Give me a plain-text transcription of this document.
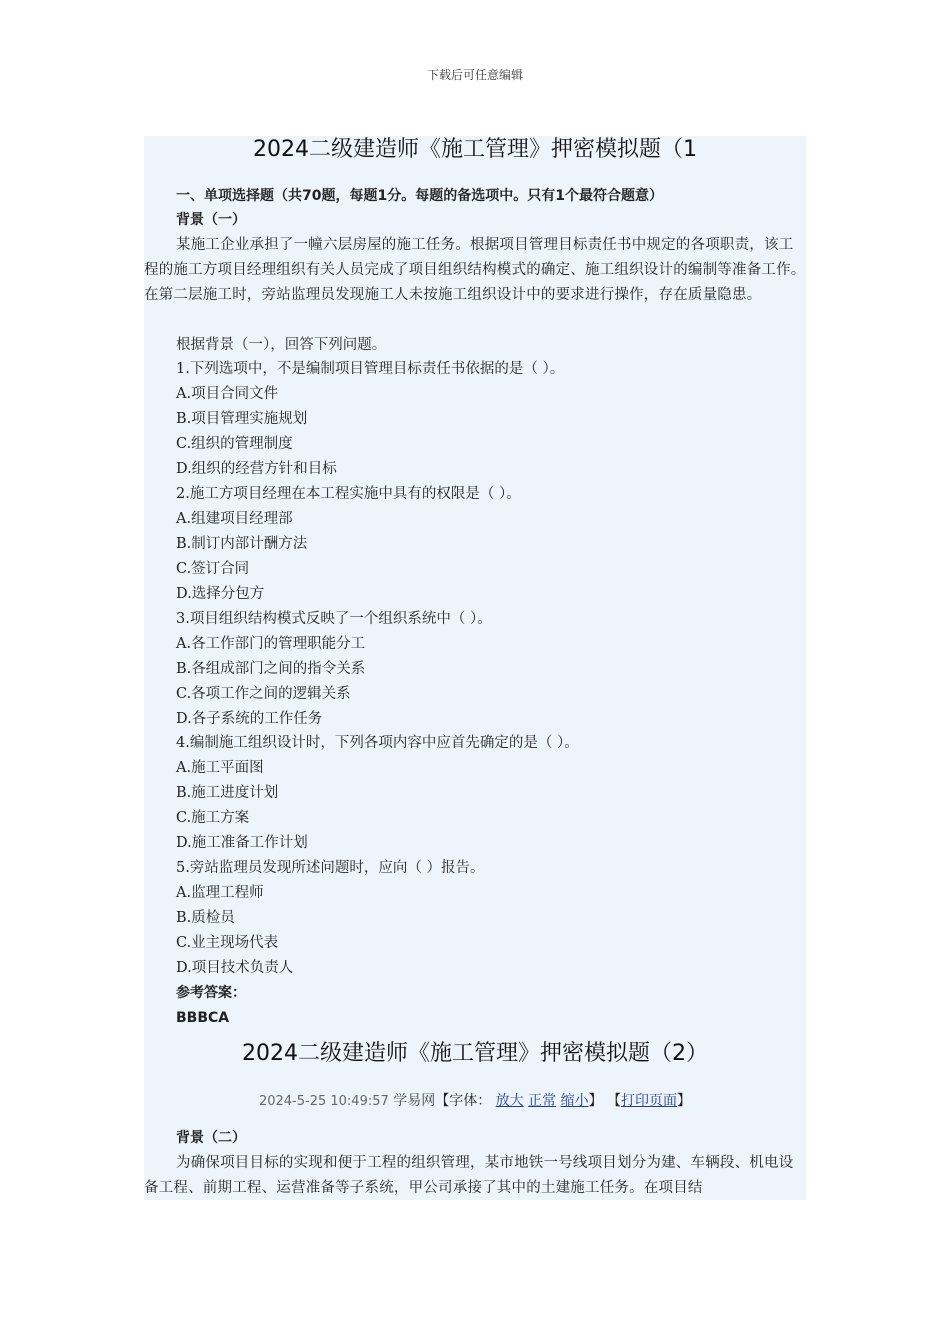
下载后可任意编辑
2024二级建造师《施工管理》押密模拟题（1
一、单项选择题（共70题，每题1分。每题的备选项中。只有1个最符合题意）
背景（一）
某施工企业承担了一幢六层房屋的施工任务。根据项目管理目标责任书中规定的各项职责，该工程的施工方项目经理组织有关人员完成了项目组织结构模式的确定、施工组织设计的编制等准备工作。在第二层施工时，旁站监理员发现施工人未按施工组织设计中的要求进行操作，存在质量隐患。
根据背景（一），回答下列问题。
1.下列选项中，不是编制项目管理目标责任书依据的是（ ）。
A.项目合同文件
B.项目管理实施规划
C.组织的管理制度
D.组织的经营方针和目标
2.施工方项目经理在本工程实施中具有的权限是（ ）。
A.组建项目经理部
B.制订内部计酬方法
C.签订合同
D.选择分包方
3.项目组织结构模式反映了一个组织系统中（ ）。
A.各工作部门的管理职能分工
B.各组成部门之间的指令关系
C.各项工作之间的逻辑关系
D.各子系统的工作任务
4.编制施工组织设计时，下列各项内容中应首先确定的是（ ）。
A.施工平面图
B.施工进度计划
C.施工方案
D.施工准备工作计划
5.旁站监理员发现所述问题时，应向（ ）报告。
A.监理工程师
B.质检员
C.业主现场代表
D.项目技术负责人
参考答案：
BBBCA
2024二级建造师《施工管理》押密模拟题（2）
2024-5-25 10:49:57 学易网【字体： 放大 正常 缩小】 【打印页面】
背景（二）
为确保项目目标的实现和便于工程的组织管理，某市地铁一号线项目划分为建、车辆段、机电设备工程、前期工程、运营准备等子系统，甲公司承接了其中的土建施工任务。在项目结
